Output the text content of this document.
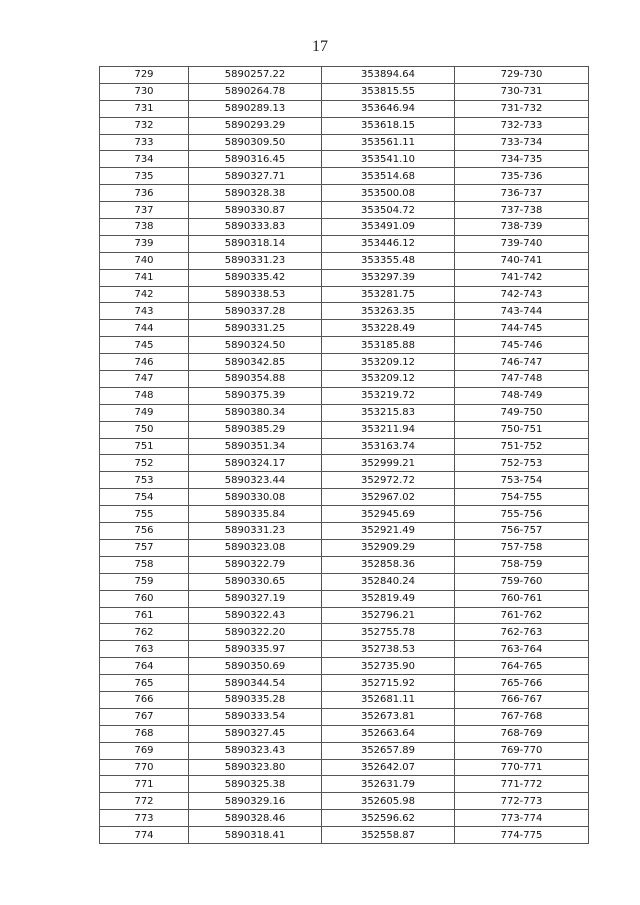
17
729	5890257.22	353894.64	729-730
730	5890264.78	353815.55	730-731
731	5890289.13	353646.94	731-732
732	5890293.29	353618.15	732-733
733	5890309.50	353561.11	733-734
734	5890316.45	353541.10	734-735
735	5890327.71	353514.68	735-736
736	5890328.38	353500.08	736-737
737	5890330.87	353504.72	737-738
738	5890333.83	353491.09	738-739
739	5890318.14	353446.12	739-740
740	5890331.23	353355.48	740-741
741	5890335.42	353297.39	741-742
742	5890338.53	353281.75	742-743
743	5890337.28	353263.35	743-744
744	5890331.25	353228.49	744-745
745	5890324.50	353185.88	745-746
746	5890342.85	353209.12	746-747
747	5890354.88	353209.12	747-748
748	5890375.39	353219.72	748-749
749	5890380.34	353215.83	749-750
750	5890385.29	353211.94	750-751
751	5890351.34	353163.74	751-752
752	5890324.17	352999.21	752-753
753	5890323.44	352972.72	753-754
754	5890330.08	352967.02	754-755
755	5890335.84	352945.69	755-756
756	5890331.23	352921.49	756-757
757	5890323.08	352909.29	757-758
758	5890322.79	352858.36	758-759
759	5890330.65	352840.24	759-760
760	5890327.19	352819.49	760-761
761	5890322.43	352796.21	761-762
762	5890322.20	352755.78	762-763
763	5890335.97	352738.53	763-764
764	5890350.69	352735.90	764-765
765	5890344.54	352715.92	765-766
766	5890335.28	352681.11	766-767
767	5890333.54	352673.81	767-768
768	5890327.45	352663.64	768-769
769	5890323.43	352657.89	769-770
770	5890323.80	352642.07	770-771
771	5890325.38	352631.79	771-772
772	5890329.16	352605.98	772-773
773	5890328.46	352596.62	773-774
774	5890318.41	352558.87	774-775
